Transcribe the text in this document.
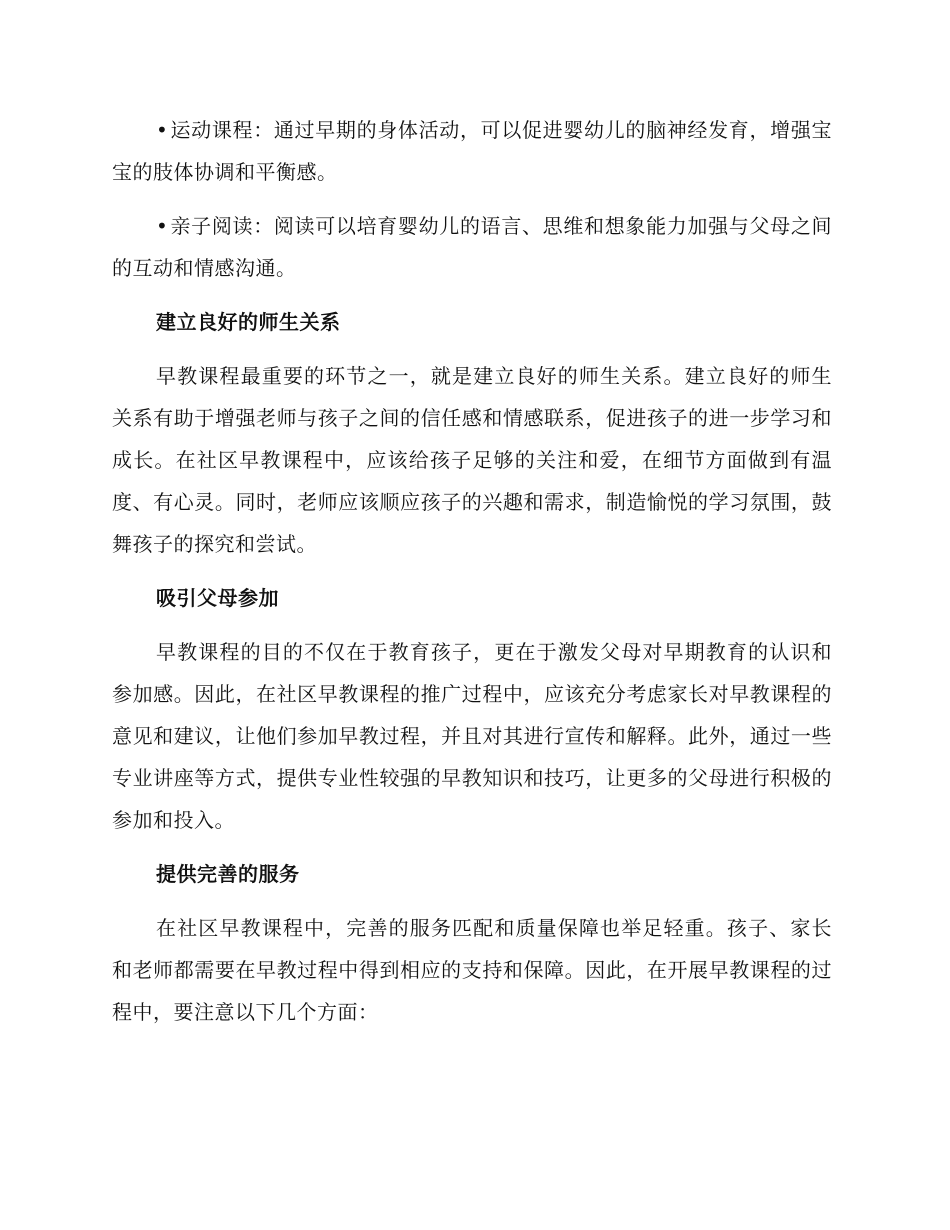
• 运动课程：通过早期的身体活动，可以促进婴幼儿的脑神经发育，增强宝宝的肢体协调和平衡感。

• 亲子阅读：阅读可以培育婴幼儿的语言、思维和想象能力加强与父母之间的互动和情感沟通。

建立良好的师生关系

早教课程最重要的环节之一，就是建立良好的师生关系。建立良好的师生关系有助于增强老师与孩子之间的信任感和情感联系，促进孩子的进一步学习和成长。在社区早教课程中，应该给孩子足够的关注和爱，在细节方面做到有温度、有心灵。同时，老师应该顺应孩子的兴趣和需求，制造愉悦的学习氛围，鼓舞孩子的探究和尝试。

吸引父母参加

早教课程的目的不仅在于教育孩子，更在于激发父母对早期教育的认识和参加感。因此，在社区早教课程的推广过程中，应该充分考虑家长对早教课程的意见和建议，让他们参加早教过程，并且对其进行宣传和解释。此外，通过一些专业讲座等方式，提供专业性较强的早教知识和技巧，让更多的父母进行积极的参加和投入。

提供完善的服务

在社区早教课程中，完善的服务匹配和质量保障也举足轻重。孩子、家长和老师都需要在早教过程中得到相应的支持和保障。因此，在开展早教课程的过程中，要注意以下几个方面：
